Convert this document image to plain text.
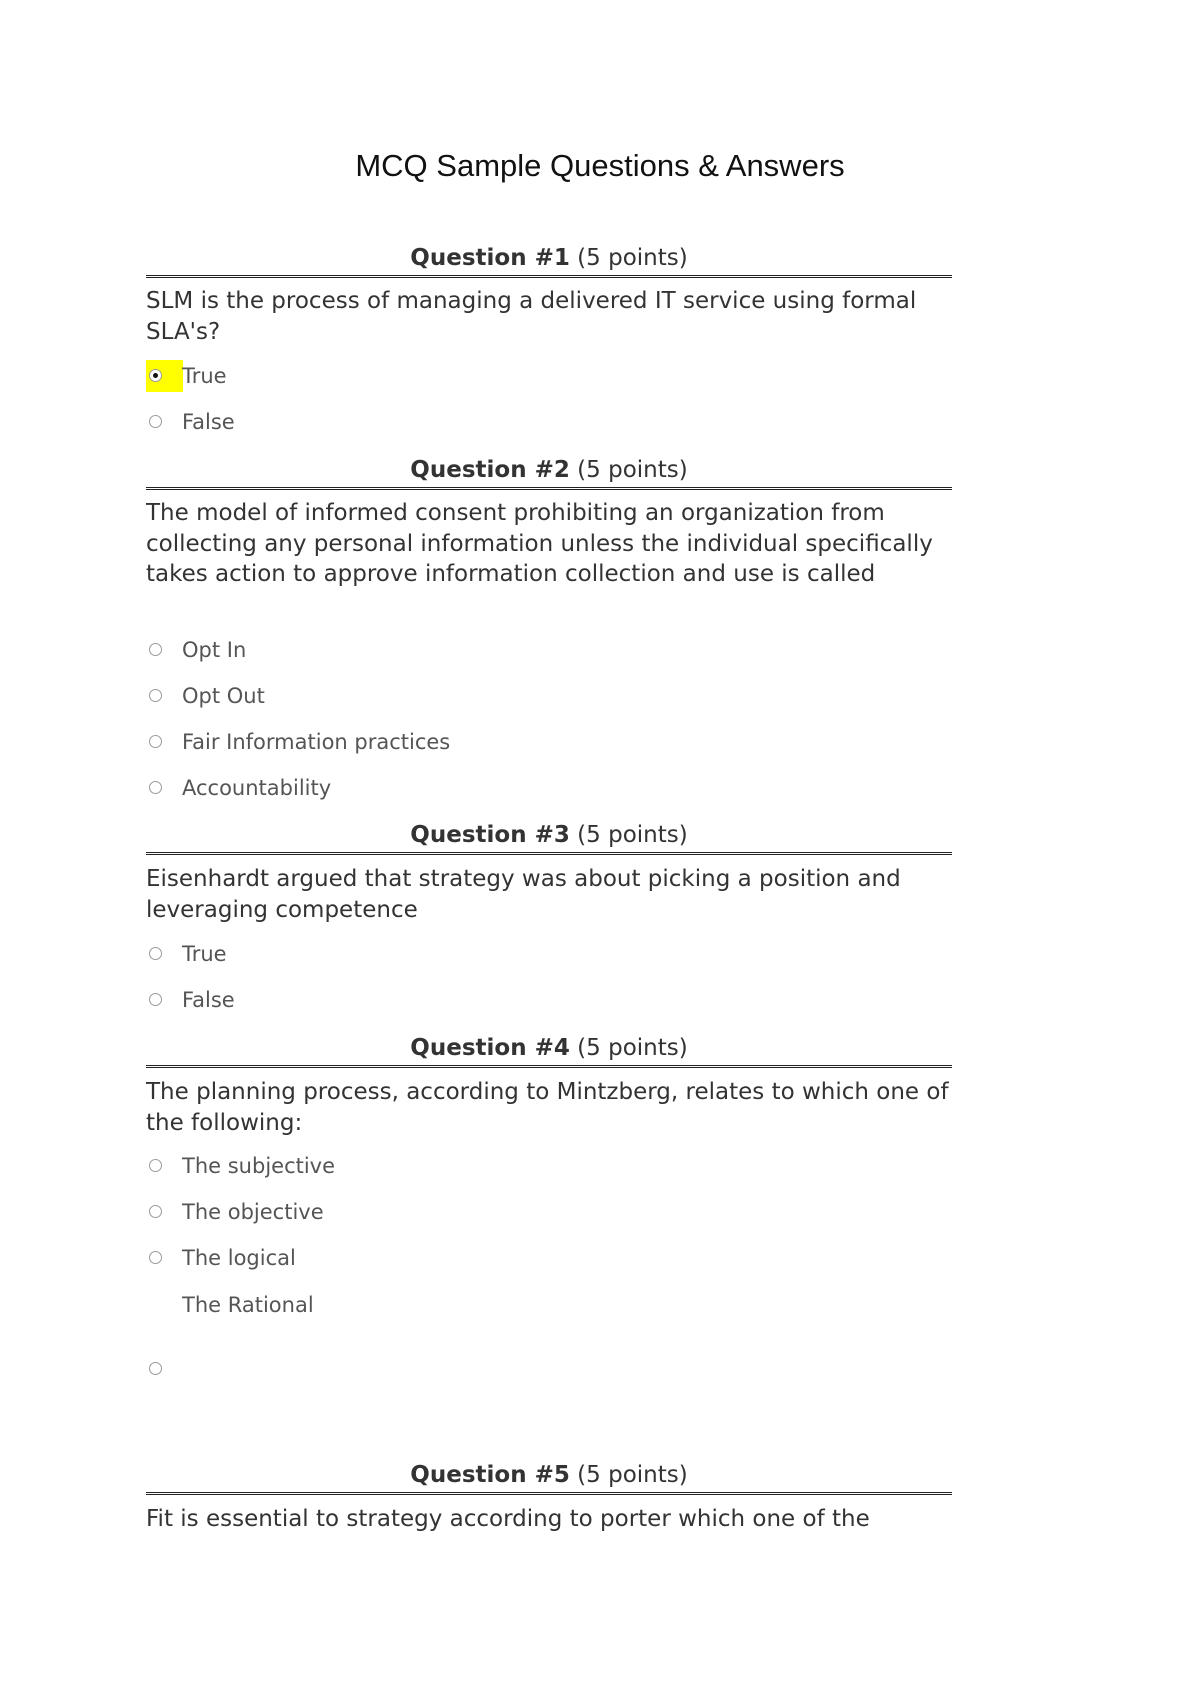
MCQ Sample Questions & Answers
Question #1 (5 points)
SLM is the process of managing a delivered IT service using formal SLA's?
True
False
Question #2 (5 points)
The model of informed consent prohibiting an organization from collecting any personal information unless the individual specifically takes action to approve information collection and use is called
Opt In
Opt Out
Fair Information practices
Accountability
Question #3 (5 points)
Eisenhardt argued that strategy was about picking a position and leveraging competence
True
False
Question #4 (5 points)
The planning process, according to Mintzberg, relates to which one of the following:
The subjective
The objective
The logical
The Rational
Question #5 (5 points)
Fit is essential to strategy according to porter which one of the
